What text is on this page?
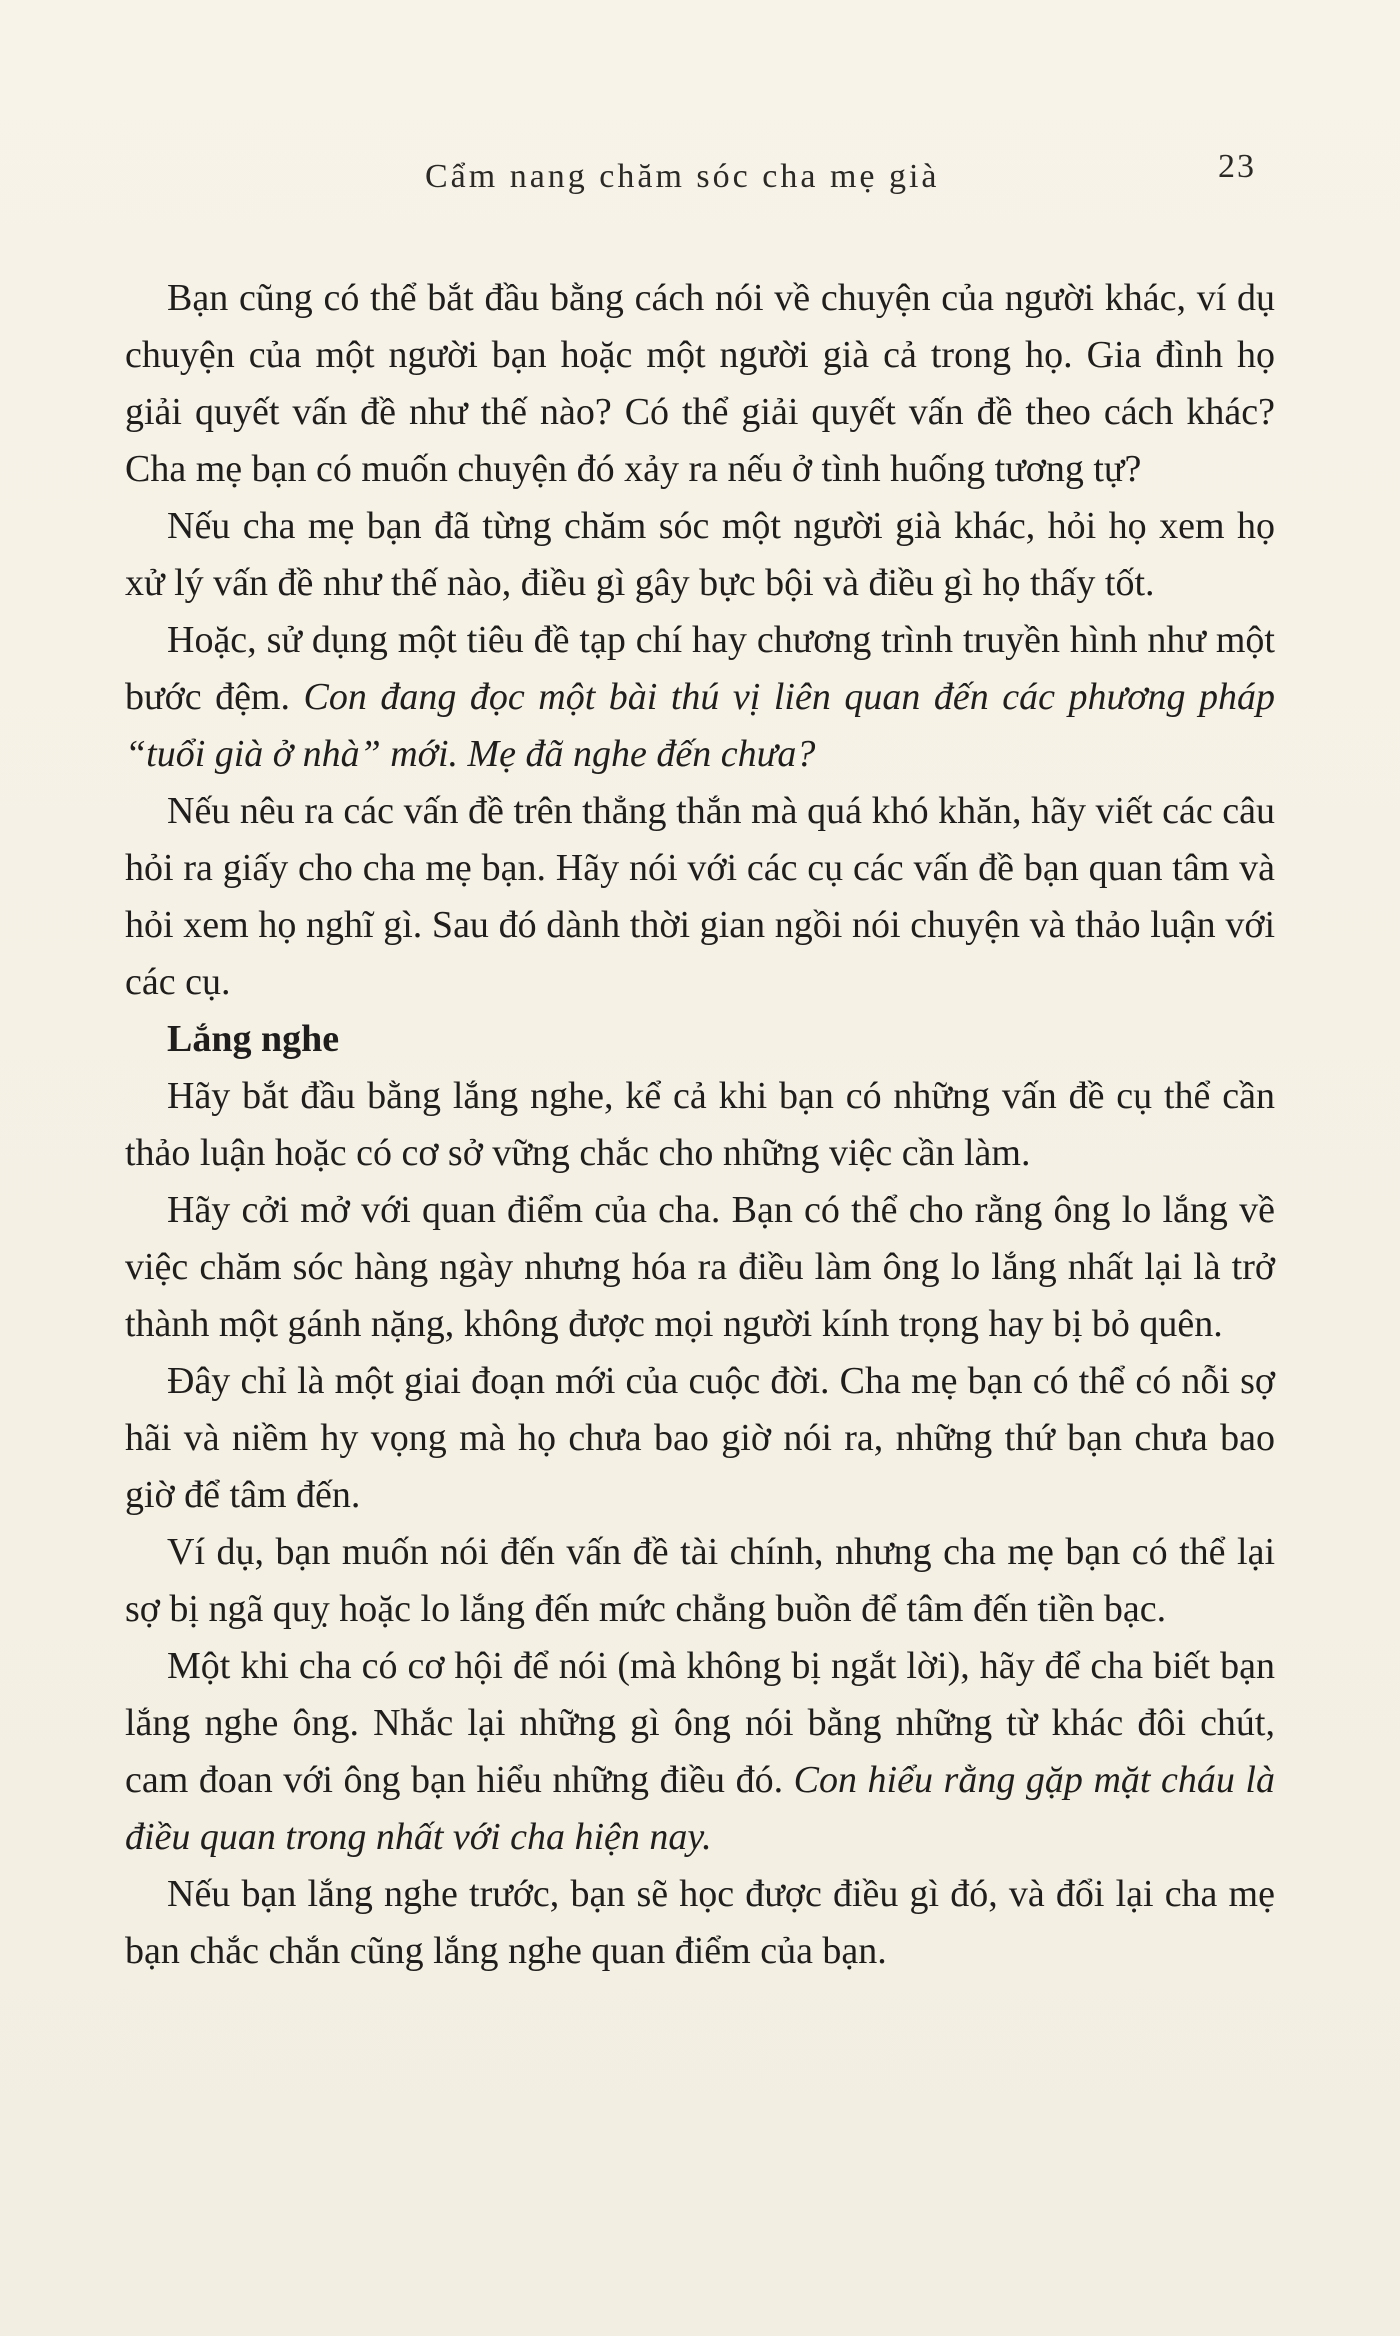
Cẩm nang chăm sóc cha mẹ già	23

Bạn cũng có thể bắt đầu bằng cách nói về chuyện của người khác, ví dụ chuyện của một người bạn hoặc một người già cả trong họ. Gia đình họ giải quyết vấn đề như thế nào? Có thể giải quyết vấn đề theo cách khác? Cha mẹ bạn có muốn chuyện đó xảy ra nếu ở tình huống tương tự?

Nếu cha mẹ bạn đã từng chăm sóc một người già khác, hỏi họ xem họ xử lý vấn đề như thế nào, điều gì gây bực bội và điều gì họ thấy tốt.

Hoặc, sử dụng một tiêu đề tạp chí hay chương trình truyền hình như một bước đệm. Con đang đọc một bài thú vị liên quan đến các phương pháp “tuổi già ở nhà” mới. Mẹ đã nghe đến chưa?

Nếu nêu ra các vấn đề trên thẳng thắn mà quá khó khăn, hãy viết các câu hỏi ra giấy cho cha mẹ bạn. Hãy nói với các cụ các vấn đề bạn quan tâm và hỏi xem họ nghĩ gì. Sau đó dành thời gian ngồi nói chuyện và thảo luận với các cụ.

Lắng nghe

Hãy bắt đầu bằng lắng nghe, kể cả khi bạn có những vấn đề cụ thể cần thảo luận hoặc có cơ sở vững chắc cho những việc cần làm.

Hãy cởi mở với quan điểm của cha. Bạn có thể cho rằng ông lo lắng về việc chăm sóc hàng ngày nhưng hóa ra điều làm ông lo lắng nhất lại là trở thành một gánh nặng, không được mọi người kính trọng hay bị bỏ quên.

Đây chỉ là một giai đoạn mới của cuộc đời. Cha mẹ bạn có thể có nỗi sợ hãi và niềm hy vọng mà họ chưa bao giờ nói ra, những thứ bạn chưa bao giờ để tâm đến.

Ví dụ, bạn muốn nói đến vấn đề tài chính, nhưng cha mẹ bạn có thể lại sợ bị ngã quỵ hoặc lo lắng đến mức chẳng buồn để tâm đến tiền bạc.

Một khi cha có cơ hội để nói (mà không bị ngắt lời), hãy để cha biết bạn lắng nghe ông. Nhắc lại những gì ông nói bằng những từ khác đôi chút, cam đoan với ông bạn hiểu những điều đó. Con hiểu rằng gặp mặt cháu là điều quan trong nhất với cha hiện nay.

Nếu bạn lắng nghe trước, bạn sẽ học được điều gì đó, và đổi lại cha mẹ bạn chắc chắn cũng lắng nghe quan điểm của bạn.
